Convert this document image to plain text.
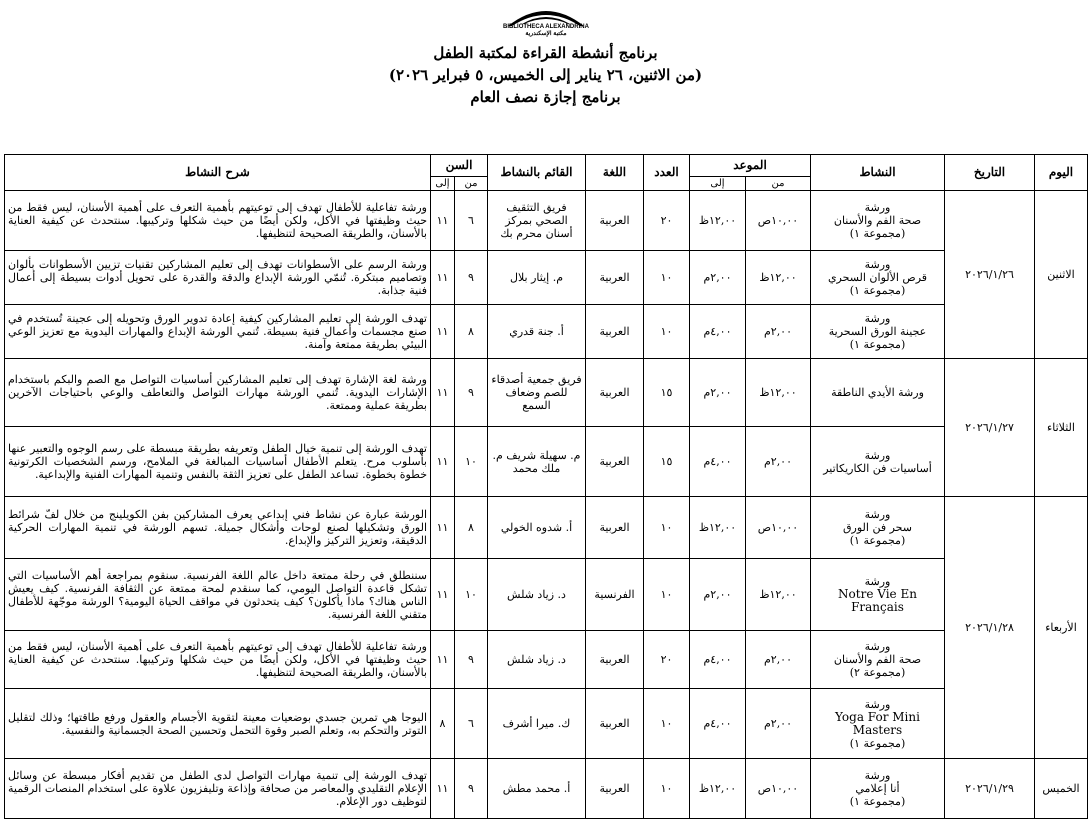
BIBLIOTHECA ALEXANDRINA
مكتبة الإسكندرية
برنامج أنشطة القراءة لمكتبة الطفل
(من الاثنين، ٢٦ يناير إلى الخميس، ٥ فبراير ٢٠٢٦)
برنامج إجازة نصف العام
اليوم	التاريخ	النشاط	الموعد		العدد	اللغة	القائم بالنشاط	السن		شرح النشاط
			من	إلى				من	إلى	
الاثنين	٢٠٢٦/١/٢٦	ورشة
صحة الفم والأسنان
(مجموعة ١)	١٠,٠٠ص	١٢,٠٠ظ	٢٠	العربية	فريق التثقيف الصحي بمركز أسنان محرم بك	٦	١١	ورشة تفاعلية للأطفال تهدف إلى توعيتهم بأهمية التعرف على أهمية الأسنان، ليس فقط من حيث وظيفتها في الأكل، ولكن أيضًا من حيث شكلها وتركيبها. سنتحدث عن كيفية العناية بالأسنان، والطريقة الصحيحة لتنظيفها.

		ورشة
قرص الألوان السحري
(مجموعة ١)	١٢,٠٠ظ	٢,٠٠م	١٠	العربية	م. إيثار بلال	٩	١١	ورشة الرسم على الأسطوانات تهدف إلى تعليم المشاركين تقنيات تزيين الأسطوانات بألوان وتصاميم مبتكرة. تُنمّي الورشة الإبداع والدقة والقدرة على تحويل أدوات بسيطة إلى أعمال فنية جذابة.

		ورشة
عجينة الورق السحرية
(مجموعة ١)	٢,٠٠م	٤,٠٠م	١٠	العربية	أ. جنة قدري	٨	١١	تهدف الورشة إلى تعليم المشاركين كيفية إعادة تدوير الورق وتحويله إلى عجينة تُستخدم في صنع مجسمات وأعمال فنية بسيطة. تُنمي الورشة الإبداع والمهارات اليدوية مع تعزيز الوعي البيئي بطريقة ممتعة وآمنة.
الثلاثاء	٢٠٢٦/١/٢٧	ورشة الأيدي الناطقة	١٢,٠٠ظ	٢,٠٠م	١٥	العربية	فريق جمعية أصدقاء للصم وضعاف السمع	٩	١١	ورشة لغة الإشارة تهدف إلى تعليم المشاركين أساسيات التواصل مع الصم والبكم باستخدام الإشارات اليدوية. تُنمي الورشة مهارات التواصل والتعاطف والوعي باحتياجات الآخرين بطريقة عملية وممتعة.

		ورشة
أساسيات فن الكاريكاتير	٢,٠٠م	٤,٠٠م	١٥	العربية	م. سهيلة شريف م. ملك محمد	١٠	١١	تهدف الورشة إلى تنمية خيال الطفل وتعريفه بطريقة مبسطة على رسم الوجوه والتعبير عنها بأسلوب مرح. يتعلم الأطفال أساسيات المبالغة في الملامح، ورسم الشخصيات الكرتونية خطوة بخطوة. تساعد الطفل على تعزيز الثقة بالنفس وتنمية المهارات الفنية والإبداعية.
الأربعاء	٢٠٢٦/١/٢٨	ورشة
سحر فن الورق
(مجموعة ١)	١٠,٠٠ص	١٢,٠٠ظ	١٠	العربية	أ. شدوه الخولي	٨	١١	الورشة عبارة عن نشاط فني إبداعي يعرف المشاركين بفن الكويلينج من خلال لفّ شرائط الورق وتشكيلها لصنع لوحات وأشكال جميلة. تسهم الورشة في تنمية المهارات الحركية الدقيقة، وتعزيز التركيز والإبداع.

		ورشة
Notre Vie En Français	١٢,٠٠ظ	٢,٠٠م	١٠	الفرنسية	د. زياد شلش	١٠	١١	سننطلق في رحلة ممتعة داخل عالم اللغة الفرنسية. سنقوم بمراجعة أهم الأساسيات التي تشكل قاعدة التواصل اليومي، كما سنقدم لمحة ممتعة عن الثقافة الفرنسية. كيف يعيش الناس هناك؟ ماذا يأكلون؟ كيف يتحدثون في مواقف الحياة اليومية؟ الورشة موجّهة للأطفال متقني اللغة الفرنسية.

		ورشة
صحة الفم والأسنان
(مجموعة ٢)	٢,٠٠م	٤,٠٠م	٢٠	العربية	د. زياد شلش	٩	١١	ورشة تفاعلية للأطفال تهدف إلى توعيتهم بأهمية التعرف على أهمية الأسنان، ليس فقط من حيث وظيفتها في الأكل، ولكن أيضًا من حيث شكلها وتركيبها. سنتحدث عن كيفية العناية بالأسنان، والطريقة الصحيحة لتنظيفها.

		ورشة
Yoga For Mini Masters
(مجموعة ١)	٢,٠٠م	٤,٠٠م	١٠	العربية	ك. ميرا أشرف	٦	٨	اليوجا هي تمرين جسدي بوضعيات معينة لتقوية الأجسام والعقول ورفع طاقتها؛ وذلك لتقليل التوتر والتحكم به، وتعلم الصبر وقوة التحمل وتحسين الصحة الجسمانية والنفسية.
الخميس	٢٠٢٦/١/٢٩	ورشة
أنا إعلامي
(مجموعة ١)	١٠,٠٠ص	١٢,٠٠ظ	١٠	العربية	أ. محمد مطش	٩	١١	تهدف الورشة إلى تنمية مهارات التواصل لدى الطفل من تقديم أفكار مبسطة عن وسائل الإعلام التقليدي والمعاصر من صحافة وإذاعة وتليفزيون علاوة على استخدام المنصات الرقمية لتوظيف دور الإعلام.
